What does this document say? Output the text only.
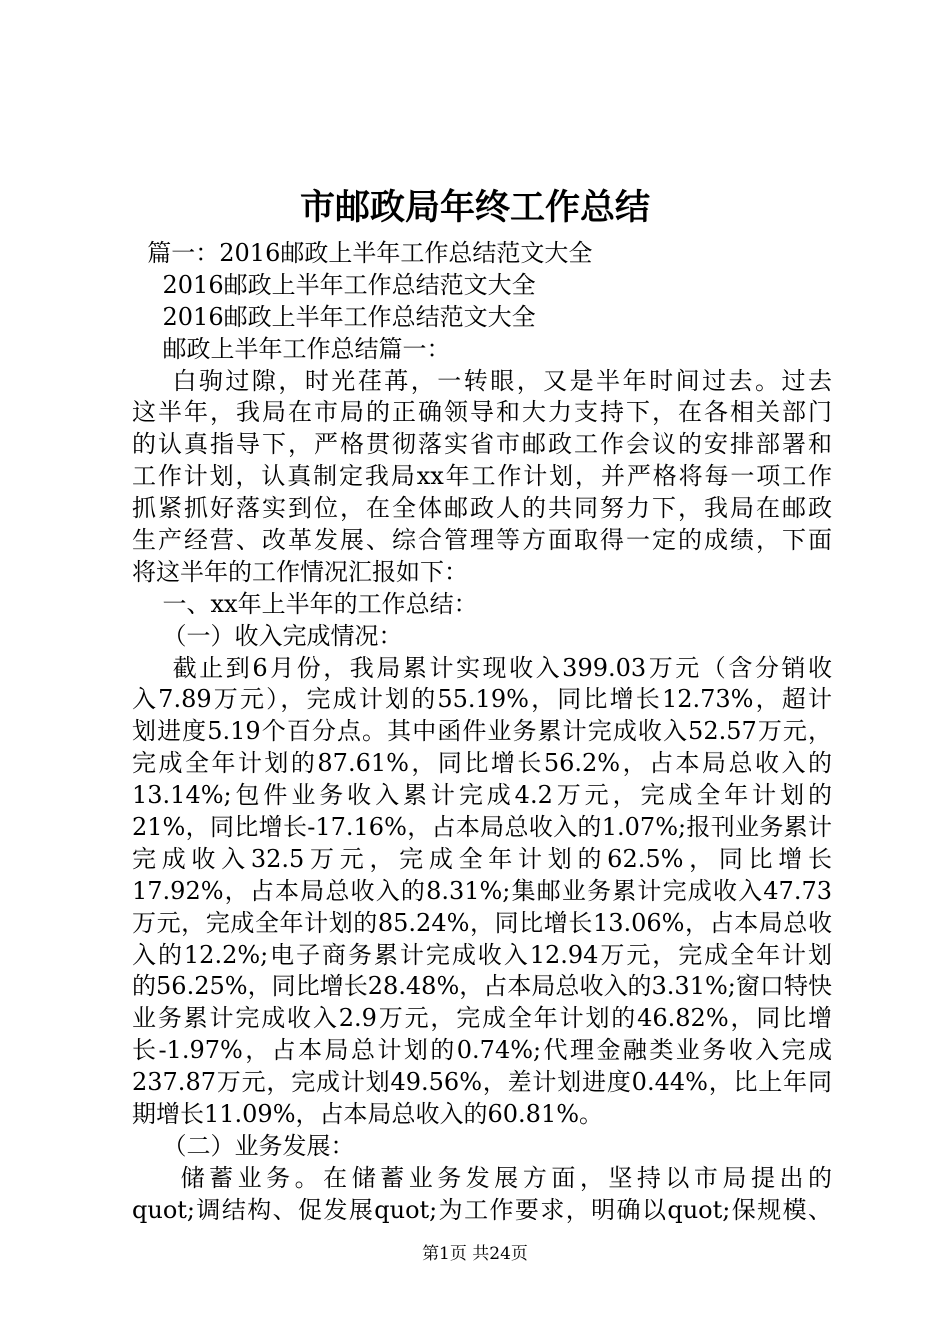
市邮政局年终工作总结
篇一：2016邮政上半年工作总结范文大全
2016邮政上半年工作总结范文大全
2016邮政上半年工作总结范文大全
邮政上半年工作总结篇一：
白驹过隙，时光荏苒，一转眼，又是半年时间过去。过去
这半年，我局在市局的正确领导和大力支持下，在各相关部门
的认真指导下，严格贯彻落实省市邮政工作会议的安排部署和
工作计划，认真制定我局xx年工作计划，并严格将每一项工作
抓紧抓好落实到位，在全体邮政人的共同努力下，我局在邮政
生产经营、改革发展、综合管理等方面取得一定的成绩，下面
将这半年的工作情况汇报如下：
一、xx年上半年的工作总结：
（一）收入完成情况：
截止到6月份，我局累计实现收入399.03万元（含分销收
入7.89万元），完成计划的55.19%，同比增长12.73%，超计
划进度5.19个百分点。其中函件业务累计完成收入52.57万元，
完成全年计划的87.61%，同比增长56.2%，占本局总收入的
13.14%;包件业务收入累计完成4.2万元，完成全年计划的
21%，同比增长-17.16%，占本局总收入的1.07%;报刊业务累计
完成收入32.5万元，完成全年计划的62.5%，同比增长
17.92%，占本局总收入的8.31%;集邮业务累计完成收入47.73
万元，完成全年计划的85.24%，同比增长13.06%，占本局总收
入的12.2%;电子商务累计完成收入12.94万元，完成全年计划
的56.25%，同比增长28.48%，占本局总收入的3.31%;窗口特快
业务累计完成收入2.9万元，完成全年计划的46.82%，同比增
长-1.97%，占本局总计划的0.74%;代理金融类业务收入完成
237.87万元，完成计划49.56%，差计划进度0.44%，比上年同
期增长11.09%，占本局总收入的60.81%。
（二）业务发展：
储蓄业务。在储蓄业务发展方面，坚持以市局提出的
quot;调结构、促发展quot;为工作要求，明确以quot;保规模、
第1页 共24页
